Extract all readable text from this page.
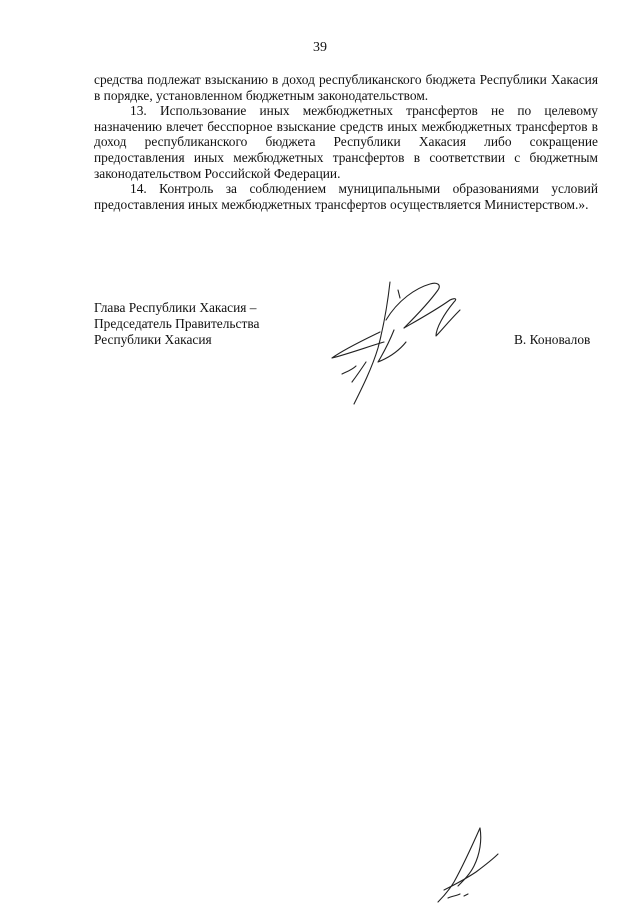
39

средства подлежат взысканию в доход республиканского бюджета Республики Хакасия в порядке, установленном бюджетным законодательством.

13. Использование иных межбюджетных трансфертов не по целевому назначению влечет бесспорное взыскание средств иных межбюджетных трансфертов в доход республиканского бюджета Республики Хакасия либо сокращение предоставления иных межбюджетных трансфертов в соответствии с бюджетным законодательством Российской Федерации.

14. Контроль за соблюдением муниципальными образованиями условий предоставления иных межбюджетных трансфертов осуществляется Министерством.».

Глава Республики Хакасия –
Председатель Правительства
Республики Хакасия	В. Коновалов
